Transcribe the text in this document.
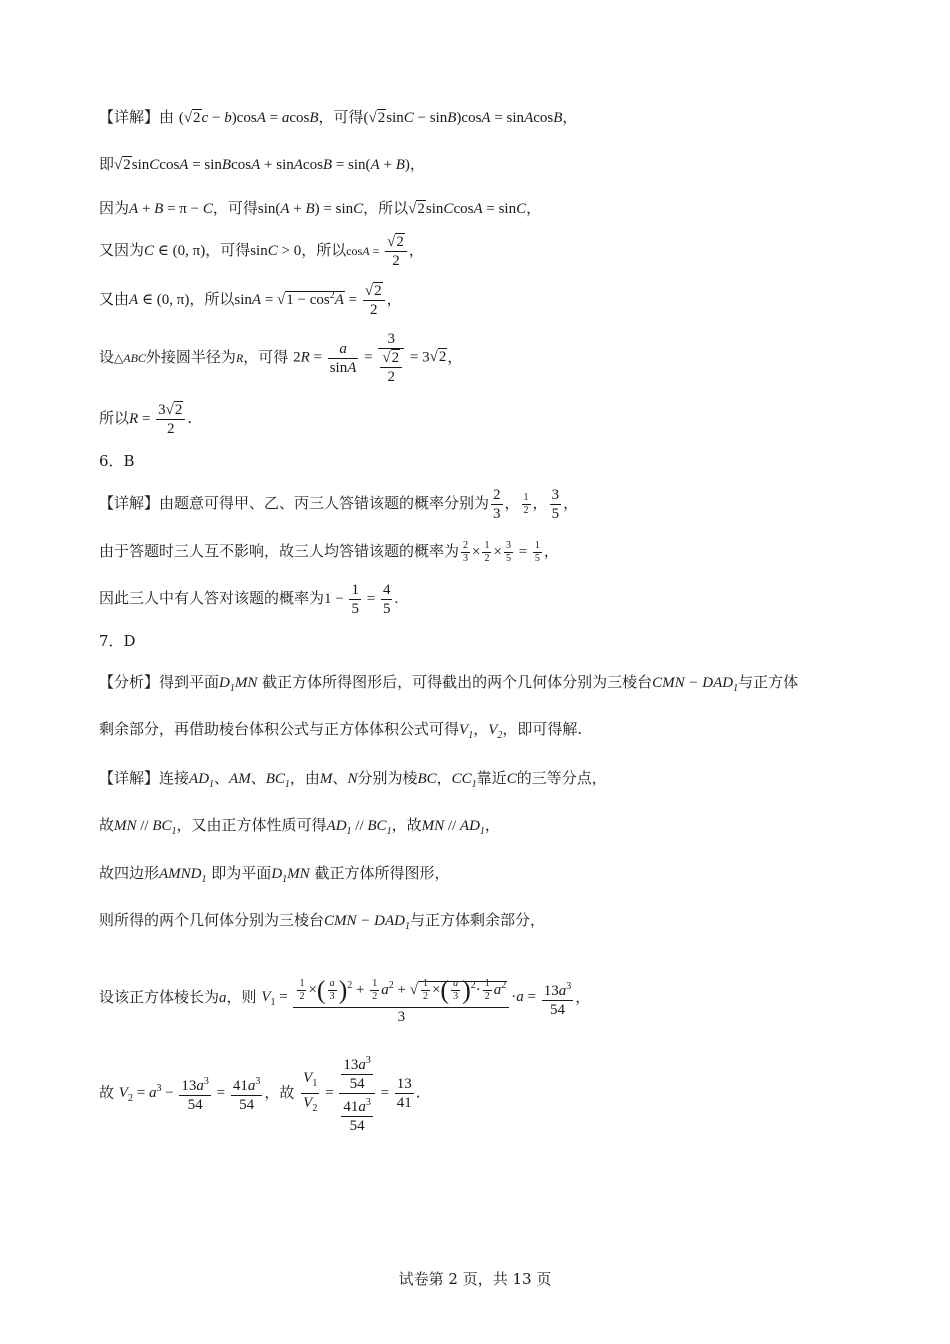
【详解】由 (√2c − b)cosA = acosB，可得(√2sinC − sinB)cosA = sinAcosB，
即√2sinCcosA = sinBcosA + sinAcosB = sin(A + B)，
因为A + B = π − C，可得sin(A + B) = sinC，所以√2sinCcosA = sinC，
又因为C ∈ (0, π)，可得sinC > 0，所以$\cos A = \frac{√2}{2}$ ，
又由A ∈ (0, π)，所以$\sin A = √1 - \cos^2A = \frac{√2}{2}$ ，
设△ABC外接圆半径为R，可得 $2R = \frac{a}{\sin A} = \frac{3}{\frac{√2}{2}} = 3√2$，
所以$R = \frac{3√2}{2}$ .
6．B
【详解】由题意可得甲、乙、丙三人答错该题的概率分别为 $\frac{2}{3}$ ， $\frac{1}{2}$ ， $\frac{3}{5}$ ，
由于答题时三人互不影响，故三人均答错该题的概率为 $\frac{2}{3} \times \frac{1}{2} \times \frac{3}{5} = \frac{1}{5}$ ，
因此三人中有人答对该题的概率为$1 - \frac{1}{5} = \frac{4}{5}$ .
7．D
【分析】得到平面$D_1MN$ 截正方体所得图形后，可得截出的两个几何体分别为三棱台CMN − $DAD_1$与正方体
剩余部分，再借助棱台体积公式与正方体体积公式可得$V_1$，$V_2$，即可得解.
【详解】连接$AD_1$、AM、$BC_1$，由M、N分别为棱BC，$CC_1$靠近C的三等分点，
故MN // $BC_1$，又由正方体性质可得$AD_1 // BC_1$，故MN // $AD_1$，
故四边形$AMND_1$ 即为平面$D_1MN$ 截正方体所得图形，
则所得的两个几何体分别为三棱台CMN − $DAD_1$与正方体剩余部分，
设该正方体棱长为a，则 $V_1 = \frac{\frac{1}{2} \times( \frac{a}{3} )^2 + \frac{1}{2} a^2 + √ \frac{1}{2} \times( \frac{a}{3} )^2\cdot \frac{1}{2} a^2}{3} \cdot a = \frac{13a^3}{54}$ ，
故 $V_2 = a^3 - \frac{13a^3}{54} = \frac{41a^3}{54}$ ，故 $\frac{V_1}{V_2} = \frac{\frac{13a^3}{54}}{\frac{41a^3}{54}} = \frac{13}{41}$ .
试卷第 2 页，共 13 页
